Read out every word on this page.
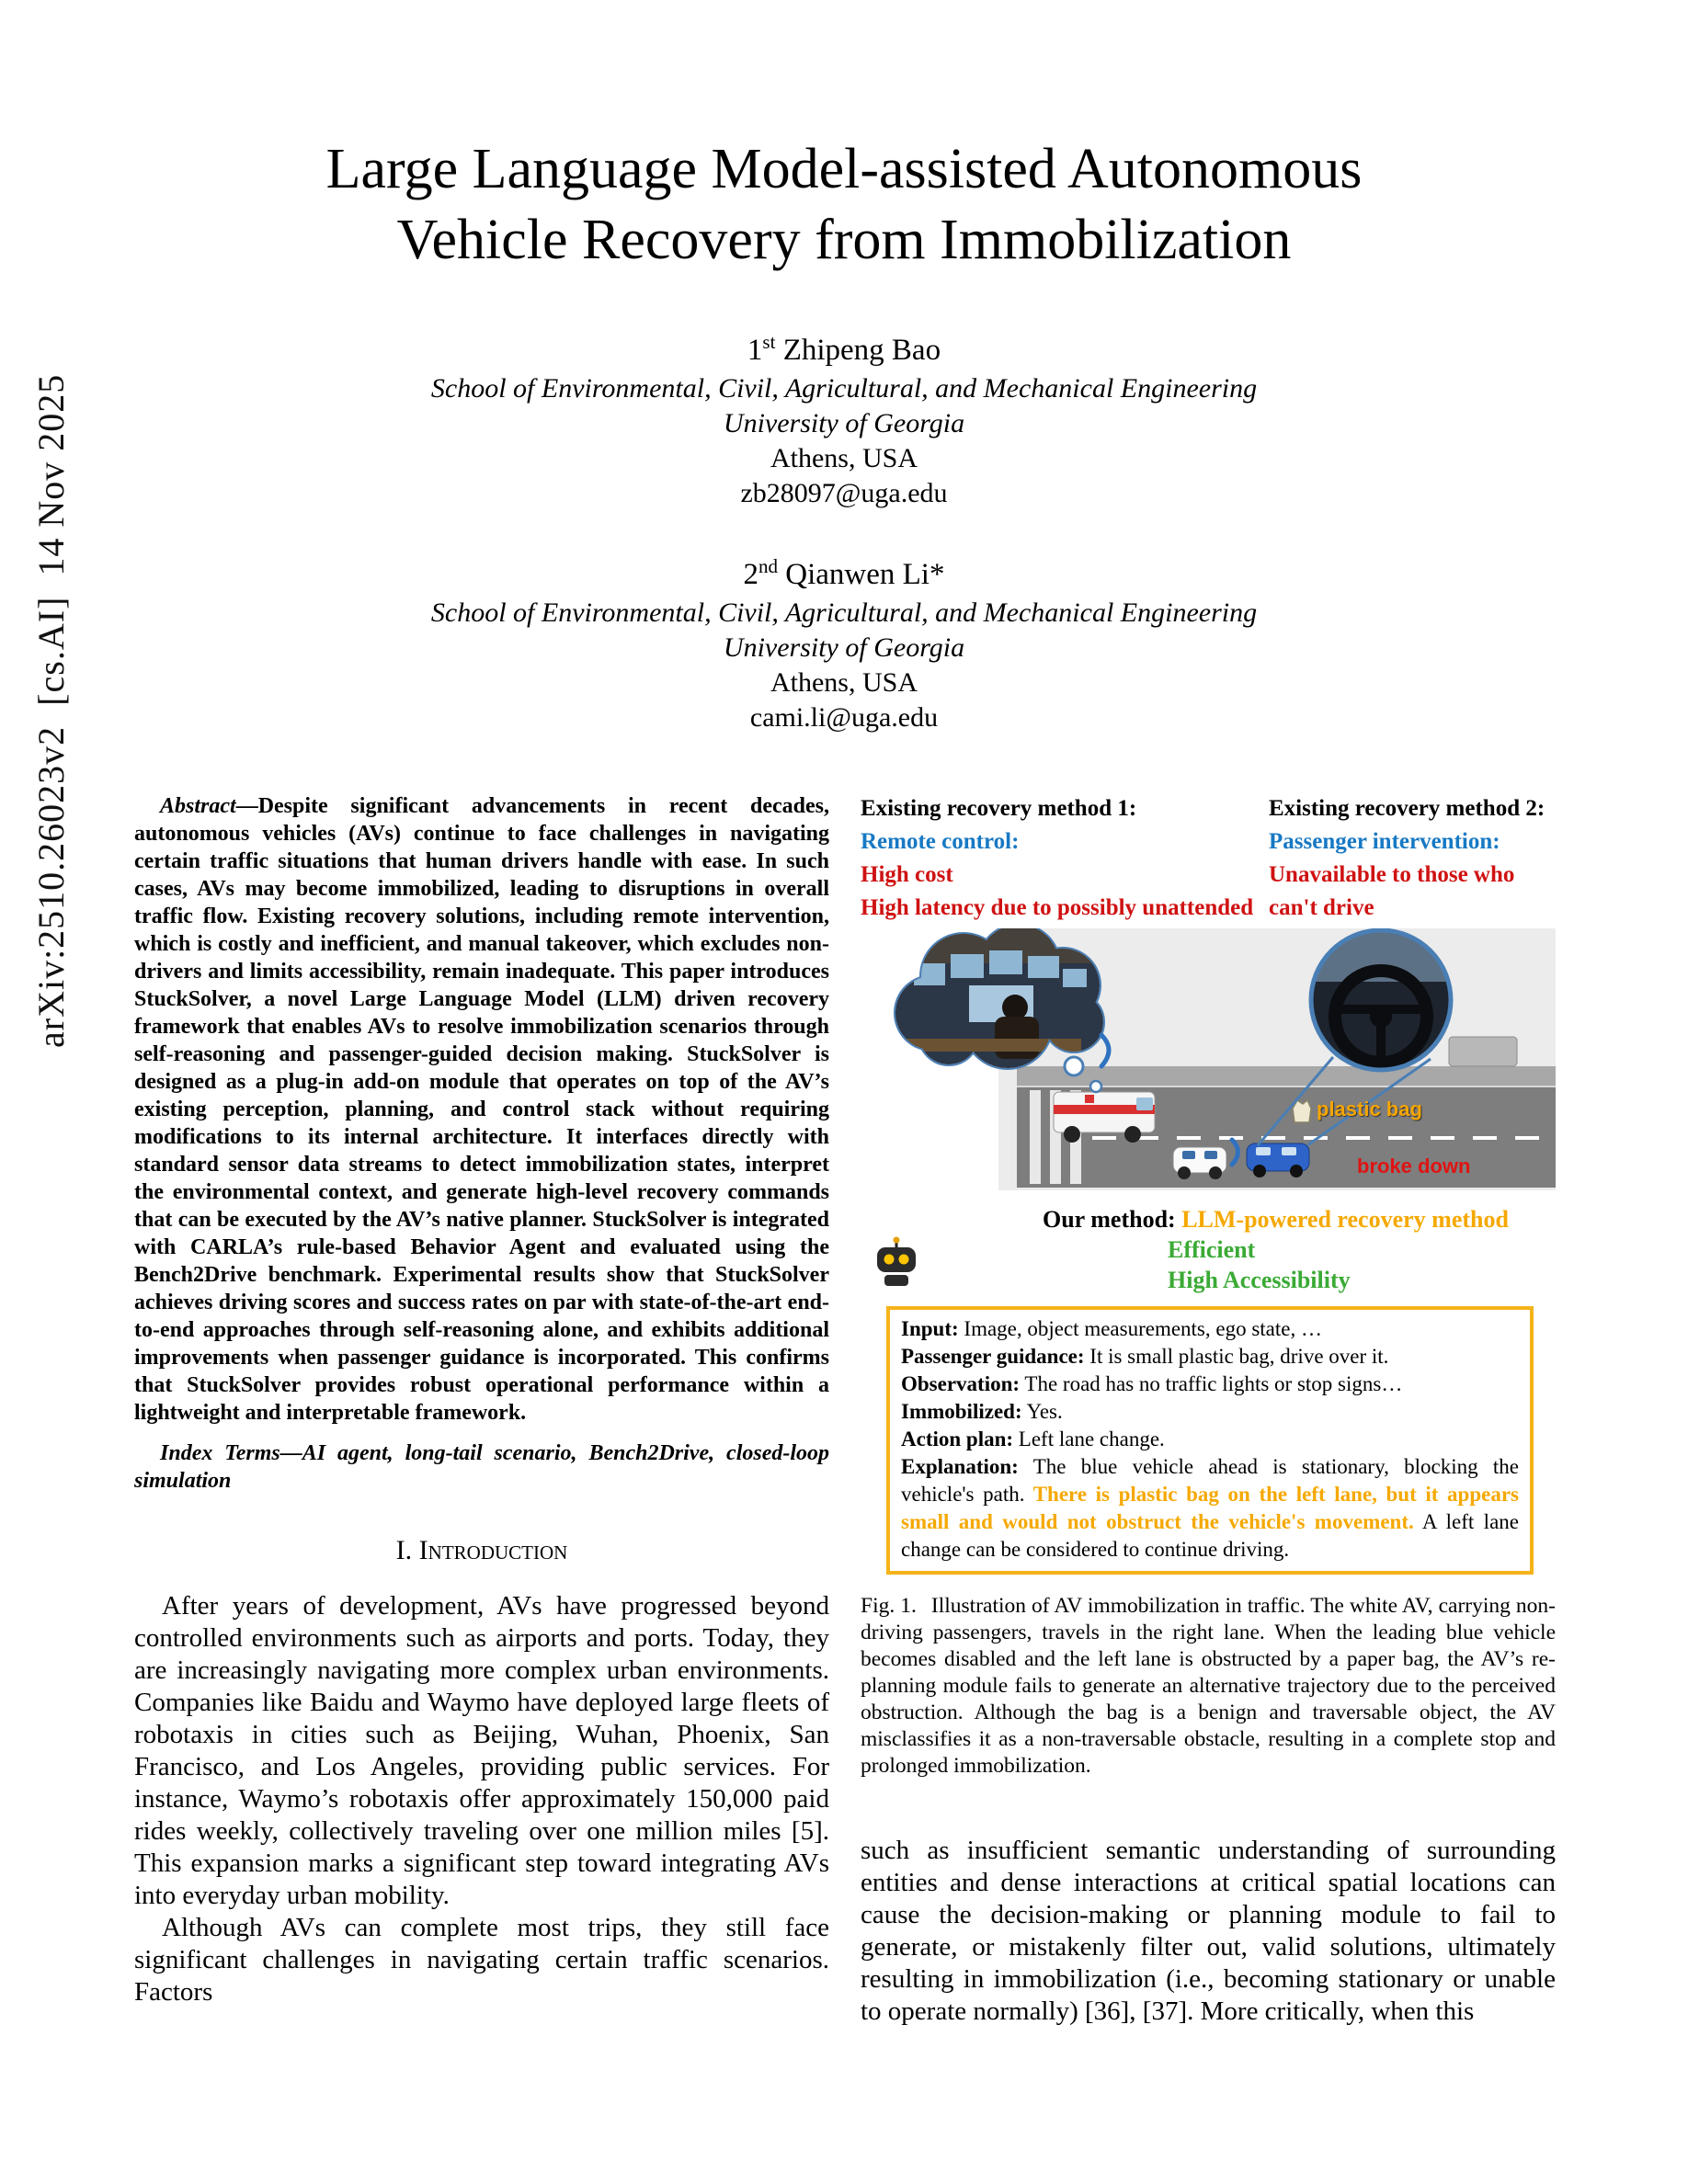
arXiv:2510.26023v2  [cs.AI]  14 Nov 2025
Large Language Model-assisted Autonomous Vehicle Recovery from Immobilization
1st Zhipeng Bao
School of Environmental, Civil, Agricultural, and Mechanical Engineering
University of Georgia
Athens, USA
zb28097@uga.edu
2nd Qianwen Li*
School of Environmental, Civil, Agricultural, and Mechanical Engineering
University of Georgia
Athens, USA
cami.li@uga.edu

Abstract—Despite significant advancements in recent decades, autonomous vehicles (AVs) continue to face challenges in navigating certain traffic situations that human drivers handle with ease. In such cases, AVs may become immobilized, leading to disruptions in overall traffic flow. Existing recovery solutions, including remote intervention, which is costly and inefficient, and manual takeover, which excludes non-drivers and limits accessibility, remain inadequate. This paper introduces StuckSolver, a novel Large Language Model (LLM) driven recovery framework that enables AVs to resolve immobilization scenarios through self-reasoning and passenger-guided decision making. StuckSolver is designed as a plug-in add-on module that operates on top of the AV’s existing perception, planning, and control stack without requiring modifications to its internal architecture. It interfaces directly with standard sensor data streams to detect immobilization states, interpret the environmental context, and generate high-level recovery commands that can be executed by the AV’s native planner. StuckSolver is integrated with CARLA’s rule-based Behavior Agent and evaluated using the Bench2Drive benchmark. Experimental results show that StuckSolver achieves driving scores and success rates on par with state-of-the-art end-to-end approaches through self-reasoning alone, and exhibits additional improvements when passenger guidance is incorporated. This confirms that StuckSolver provides robust operational performance within a lightweight and interpretable framework.

Index Terms—AI agent, long-tail scenario, Bench2Drive, closed-loop simulation

I. Introduction

After years of development, AVs have progressed beyond controlled environments such as airports and ports. Today, they are increasingly navigating more complex urban environments. Companies like Baidu and Waymo have deployed large fleets of robotaxis in cities such as Beijing, Wuhan, Phoenix, San Francisco, and Los Angeles, providing public services. For instance, Waymo’s robotaxis offer approximately 150,000 paid rides weekly, collectively traveling over one million miles [5]. This expansion marks a significant step toward integrating AVs into everyday urban mobility.

Although AVs can complete most trips, they still face significant challenges in navigating certain traffic scenarios. Factors

Existing recovery method 1:
Remote control:
High cost
High latency due to possibly unattended
Existing recovery method 2:
Passenger intervention:
Unavailable to those who can't drive
plastic bag
broke down
Our method: LLM-powered recovery method
Efficient
High Accessibility
Input: Image, object measurements, ego state, …
Passenger guidance: It is small plastic bag, drive over it.
Observation: The road has no traffic lights or stop signs…
Immobilized: Yes.
Action plan: Left lane change.
Explanation: The blue vehicle ahead is stationary, blocking the vehicle's path. There is plastic bag on the left lane, but it appears small and would not obstruct the vehicle's movement. A left lane change can be considered to continue driving.
Fig. 1. Illustration of AV immobilization in traffic. The white AV, carrying non-driving passengers, travels in the right lane. When the leading blue vehicle becomes disabled and the left lane is obstructed by a paper bag, the AV’s re-planning module fails to generate an alternative trajectory due to the perceived obstruction. Although the bag is a benign and traversable object, the AV misclassifies it as a non-traversable obstacle, resulting in a complete stop and prolonged immobilization.

such as insufficient semantic understanding of surrounding entities and dense interactions at critical spatial locations can cause the decision-making or planning module to fail to generate, or mistakenly filter out, valid solutions, ultimately resulting in immobilization (i.e., becoming stationary or unable to operate normally) [36], [37]. More critically, when this
